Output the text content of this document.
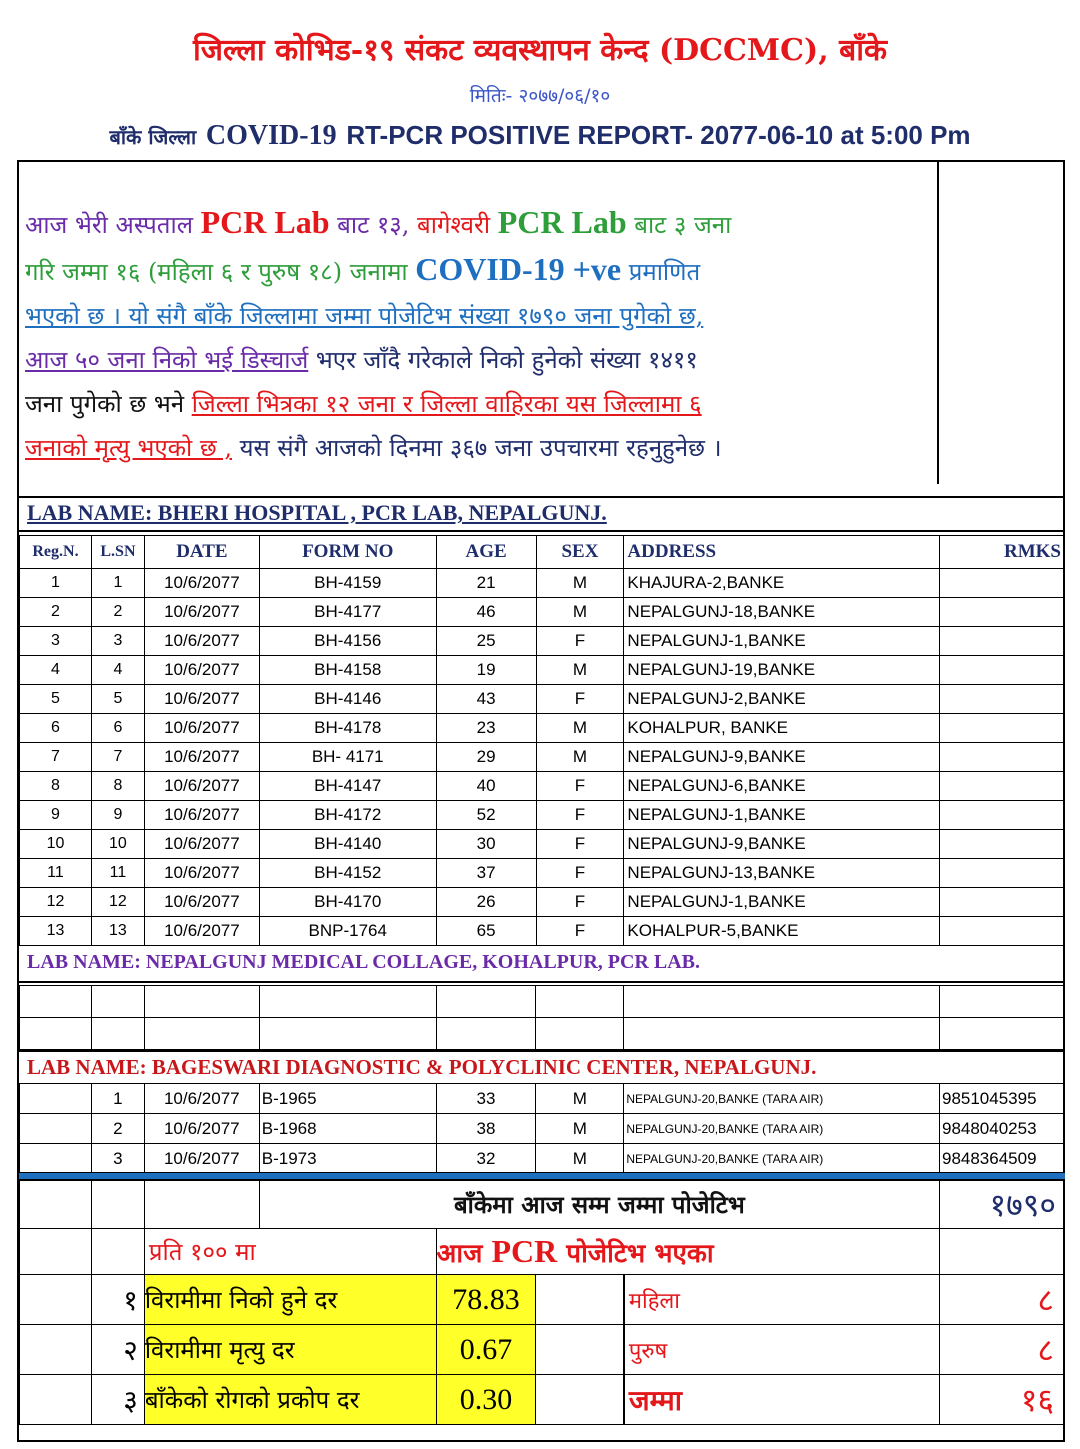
जिल्ला कोभिड-१९ संकट व्यवस्थापन केन्द (DCCMC), बाँके
मितिः- २०७७/०६/१०
बाँके जिल्ला COVID-19 RT-PCR POSITIVE REPORT- 2077-06-10 at 5:00 Pm
आज भेरी अस्पताल PCR Lab बाट १३, बागेश्वरी PCR Lab बाट ३ जना
गरि जम्मा १६ (महिला ६ र पुरुष १८) जनामा COVID-19 +ve प्रमाणित
भएको छ । यो संगै बाँके जिल्लामा जम्मा पोजेटिभ संख्या १७९० जना पुगेको छ,
आज ५० जना निको भई डिस्चार्ज भएर जाँदै गरेकाले निको हुनेको संख्या १४११
जना पुगेको छ भने जिल्ला भित्रका १२ जना र जिल्ला वाहिरका यस जिल्लामा ६
जनाको मृत्यु भएको छ , यस संगै आजको दिनमा ३६७ जना उपचारमा रहनुहुनेछ ।
LAB NAME: BHERI HOSPITAL , PCR LAB, NEPALGUNJ.
Reg.N.	L.SN	DATE	FORM NO	AGE	SEX	ADDRESS	RMKS
1	1	10/6/2077	BH-4159	21	M	KHAJURA-2,BANKE	
2	2	10/6/2077	BH-4177	46	M	NEPALGUNJ-18,BANKE	
3	3	10/6/2077	BH-4156	25	F	NEPALGUNJ-1,BANKE	
4	4	10/6/2077	BH-4158	19	M	NEPALGUNJ-19,BANKE	
5	5	10/6/2077	BH-4146	43	F	NEPALGUNJ-2,BANKE	
6	6	10/6/2077	BH-4178	23	M	KOHALPUR, BANKE	
7	7	10/6/2077	BH- 4171	29	M	NEPALGUNJ-9,BANKE	
8	8	10/6/2077	BH-4147	40	F	NEPALGUNJ-6,BANKE	
9	9	10/6/2077	BH-4172	52	F	NEPALGUNJ-1,BANKE	
10	10	10/6/2077	BH-4140	30	F	NEPALGUNJ-9,BANKE	
11	11	10/6/2077	BH-4152	37	F	NEPALGUNJ-13,BANKE	
12	12	10/6/2077	BH-4170	26	F	NEPALGUNJ-1,BANKE	
13	13	10/6/2077	BNP-1764	65	F	KOHALPUR-5,BANKE	
LAB NAME: NEPALGUNJ MEDICAL COLLAGE, KOHALPUR, PCR LAB.

LAB NAME: BAGESWARI DIAGNOSTIC & POLYCLINIC CENTER, NEPALGUNJ.
	1	10/6/2077	B-1965	33	M	NEPALGUNJ-20,BANKE (TARA AIR)	9851045395
	2	10/6/2077	B-1968	38	M	NEPALGUNJ-20,BANKE (TARA AIR)	9848040253
	3	10/6/2077	B-1973	32	M	NEPALGUNJ-20,BANKE (TARA AIR)	9848364509
			बाँकेमा आज सम्म जम्मा पोजेटिभ				१७९०
		प्रति १०० मा		आज PCR पोजेटिभ भएका			
	१	विरामीमा निको हुने दर		78.83		महिला	८
	२	विरामीमा मृत्यु दर		0.67		पुरुष	८
	३	बाँकेको रोगको प्रकोप दर		0.30		जम्मा	१६
